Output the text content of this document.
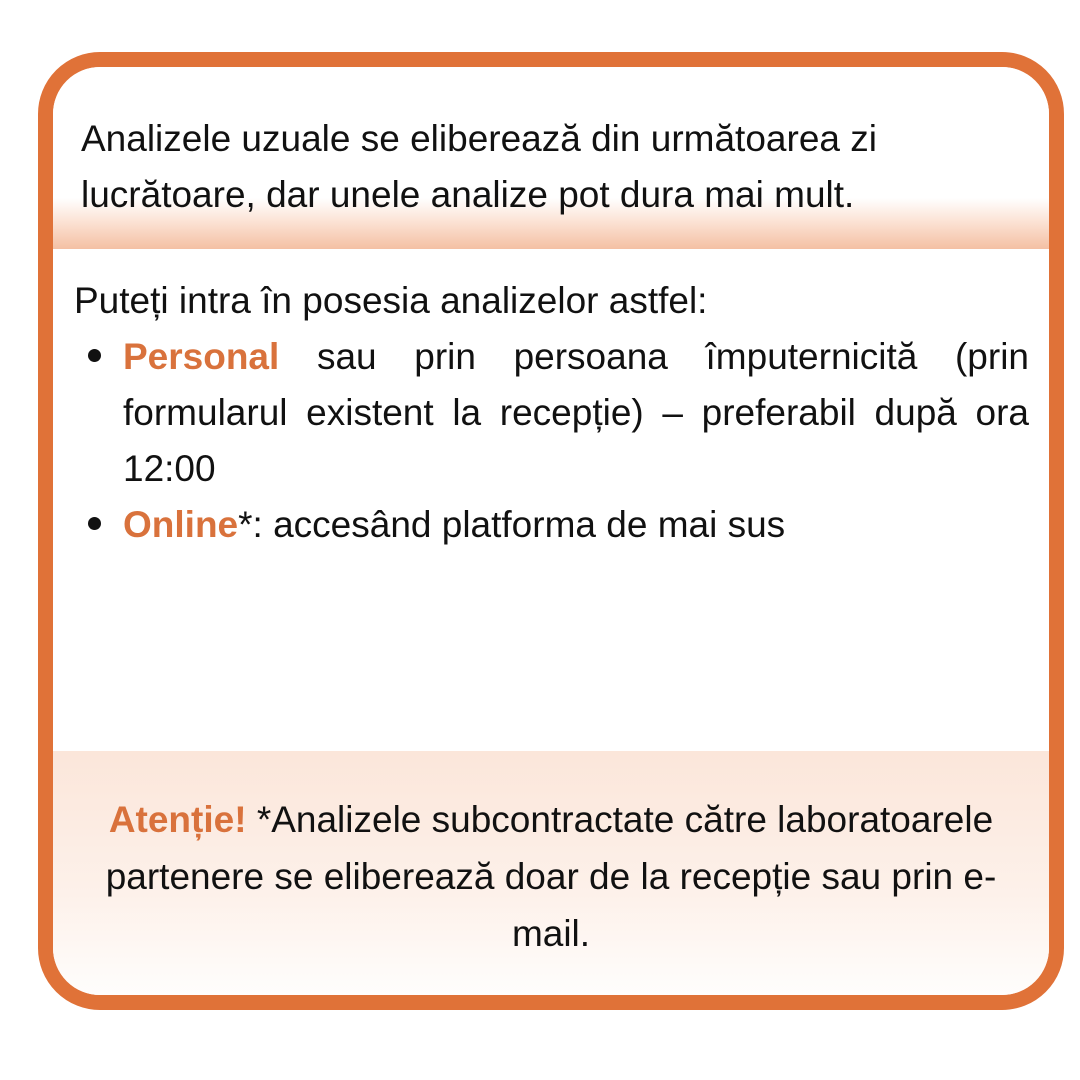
Analizele uzuale se eliberează din următoarea zi lucrătoare, dar unele analize pot dura mai mult.

Puteți intra în posesia analizelor astfel:

Personal sau prin persoana împuternicită (prin formularul existent la recepție) – preferabil după ora 12:00
Online*: accesând platforma de mai sus
Atenție! *Analizele subcontractate către laboratoarele partenere se eliberează doar de la recepție sau prin e-mail.
